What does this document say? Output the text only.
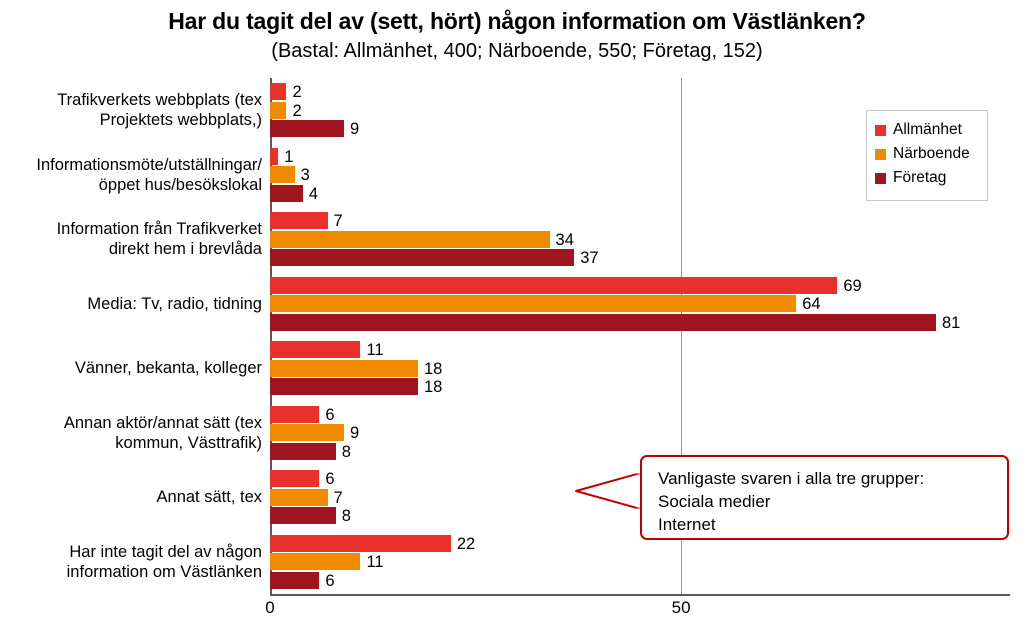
Har du tagit del av (sett, hört) någon information om Västlänken?
(Bastal: Allmänhet, 400; Närboende, 550; Företag, 152)
0	50
Trafikverkets webbplats (tex
Projektets webbplats,)
Informationsmöte/utställningar/
öppet hus/besökslokal
Information från Trafikverket
direkt hem i brevlåda
Media: Tv, radio, tidning
Vänner, bekanta, kolleger
Annan aktör/annat sätt (tex
kommun, Västtrafik)
Annat sätt, tex
Har inte tagit del av någon
information om Västlänken
2
2
9
1
3
4
7
34
37
69
64
81
11
18
18
6
9
8
6
7
8
22
11
6
Allmänhet
Närboende
Företag
Vanligaste svaren i alla tre grupper:
Sociala medier
Internet
